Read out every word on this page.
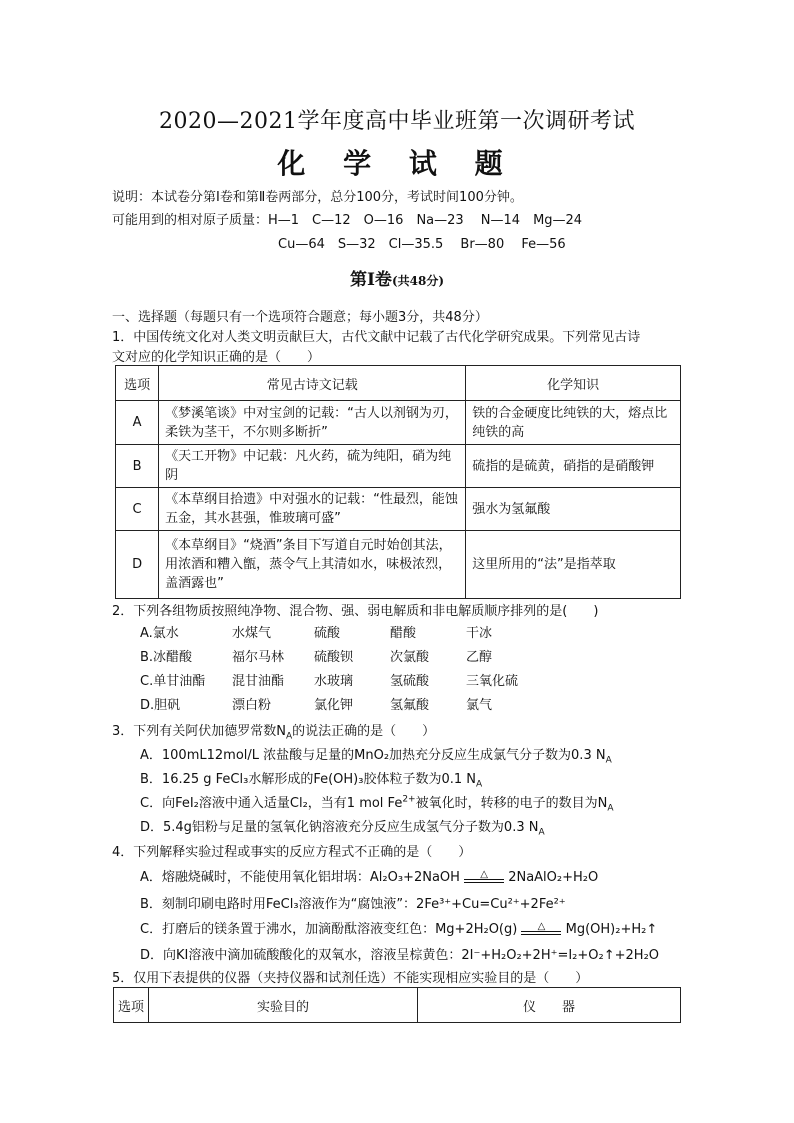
2020—2021学年度高中毕业班第一次调研考试
化 学 试 题
说明：本试卷分第Ⅰ卷和第Ⅱ卷两部分，总分100分，考试时间100分钟。
可能用到的相对原子质量：H—1　C—12　O—16　Na—23　 N—14　Mg—24
Cu—64　S—32　Cl—35.5　 Br—80　 Fe—56
第Ⅰ卷(共48分)
一、选择题（每题只有一个选项符合题意；每小题3分，共48分）
1．中国传统文化对人类文明贡献巨大，古代文献中记载了古代化学研究成果。下列常见古诗
文对应的化学知识正确的是（　　）
选项	常见古诗文记载	化学知识
A	《梦溪笔谈》中对宝剑的记载：“古人以剂钢为刃，柔铁为茎干，不尔则多断折”	铁的合金硬度比纯铁的大，熔点比纯铁的高
B	《天工开物》中记载：凡火药，硫为纯阳，硝为纯阴	硫指的是硫黄，硝指的是硝酸钾
C	《本草纲目拾遗》中对强水的记载：“性最烈，能蚀五金，其水甚强，惟玻璃可盛”	强水为氢氟酸
D	《本草纲目》“烧酒”条目下写道自元时始创其法，用浓酒和糟入甑，蒸令气上其清如水，味极浓烈，盖酒露也”	这里所用的“法”是指萃取
2．下列各组物质按照纯净物、混合物、强、弱电解质和非电解质顺序排列的是(　　)
A.氯水	水煤气	硫酸	醋酸	干冰
B.冰醋酸	福尔马林	硫酸钡	次氯酸	乙醇
C.单甘油酯	混甘油酯	水玻璃	氢硫酸	三氧化硫
D.胆矾	漂白粉	氯化钾	氢氟酸	氯气
3．下列有关阿伏加德罗常数$N_A$的说法正确的是（　　）
A．100mL12mol/L 浓盐酸与足量的MnO₂加热充分反应生成氯气分子数为0.3 $N_A$
B．16.25 g FeCl₃水解形成的Fe(OH)₃胶体粒子数为0.1 $N_A$
C．向FeI₂溶液中通入适量Cl₂，当有1 mol $Fe^{2+}$被氧化时，转移的电子的数目为$N_A$
D．5.4g铝粉与足量的氢氧化钠溶液充分反应生成氢气分子数为0.3 $N_A$
4．下列解释实验过程或事实的反应方程式不正确的是（　　）
A．熔融烧碱时，不能使用氧化铝坩埚：Al₂O₃+2NaOH	△	2NaAlO₂+H₂O
B．刻制印刷电路时用FeCl₃溶液作为“腐蚀液”：2Fe³⁺+Cu=Cu²⁺+2Fe²⁺
C．打磨后的镁条置于沸水，加滴酚酞溶液变红色：Mg+2H₂O(g)	△	Mg(OH)₂+H₂↑
D．向KI溶液中滴加硫酸酸化的双氧水，溶液呈棕黄色：2I⁻+H₂O₂+2H⁺=I₂+O₂↑+2H₂O
5．仅用下表提供的仪器（夹持仪器和试剂任选）不能实现相应实验目的是（　　）
选项	实验目的	仪　　器
